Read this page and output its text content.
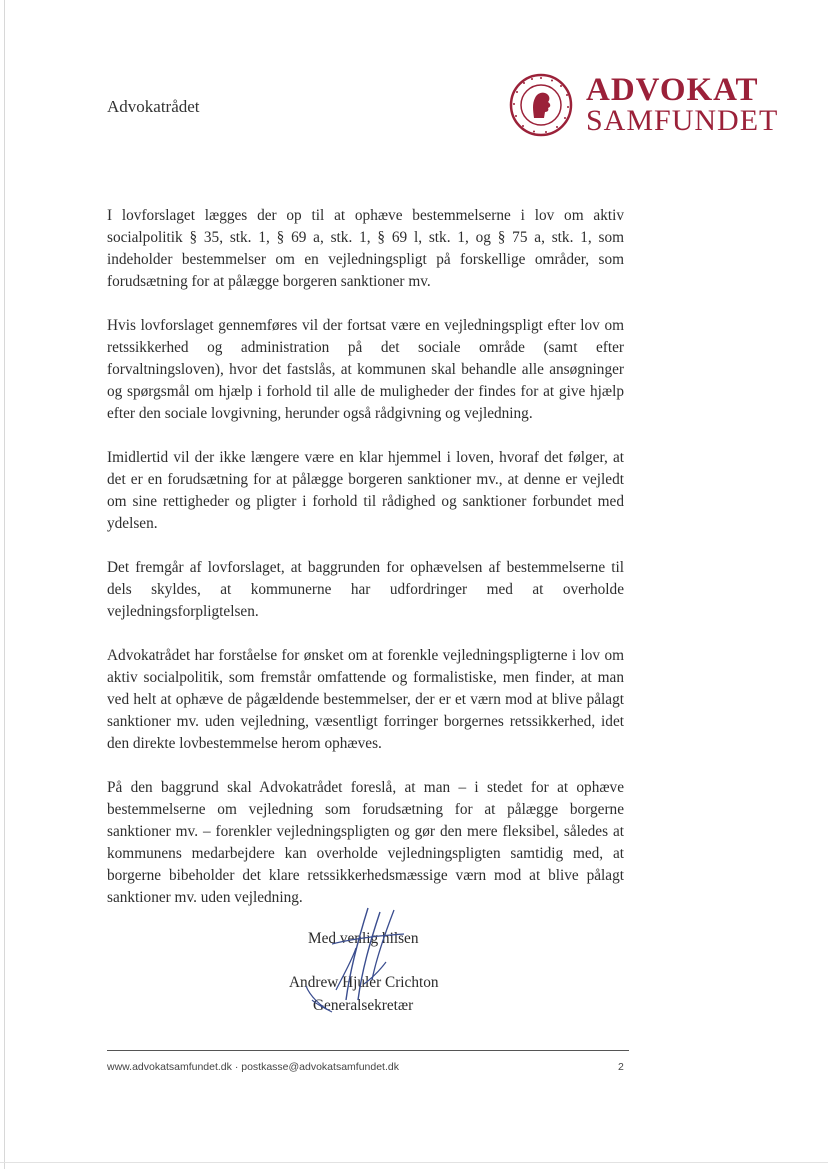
Advokatrådet	ADVOKAT
SAMFUNDET

I lovforslaget lægges der op til at ophæve bestemmelserne i lov om aktiv socialpolitik § 35, stk. 1, § 69 a, stk. 1, § 69 l, stk. 1, og § 75 a, stk. 1, som indeholder bestemmelser om en vejledningspligt på forskellige områder, som forudsætning for at pålægge borgeren sanktioner mv.

Hvis lovforslaget gennemføres vil der fortsat være en vejledningspligt efter lov om retssikkerhed og administration på det sociale område (samt efter forvaltningsloven), hvor det fastslås, at kommunen skal behandle alle ansøgninger og spørgsmål om hjælp i forhold til alle de muligheder der findes for at give hjælp efter den sociale lovgivning, herunder også rådgivning og vejledning.

Imidlertid vil der ikke længere være en klar hjemmel i loven, hvoraf det følger, at det er en forudsætning for at pålægge borgeren sanktioner mv., at denne er vejledt om sine rettigheder og pligter i forhold til rådighed og sanktioner forbundet med ydelsen.

Det fremgår af lovforslaget, at baggrunden for ophævelsen af bestemmelserne til dels skyldes, at kommunerne har udfordringer med at overholde vejledningsforpligtelsen.

Advokatrådet har forståelse for ønsket om at forenkle vejledningspligterne i lov om aktiv socialpolitik, som fremstår omfattende og formalistiske, men finder, at man ved helt at ophæve de pågældende bestemmelser, der er et værn mod at blive pålagt sanktioner mv. uden vejledning, væsentligt forringer borgernes retssikkerhed, idet den direkte lovbestemmelse herom ophæves.

På den baggrund skal Advokatrådet foreslå, at man – i stedet for at ophæve bestemmelserne om vejledning som forudsætning for at pålægge borgerne sanktioner mv. – forenkler vejledningspligten og gør den mere fleksibel, således at kommunens medarbejdere kan overholde vejledningspligten samtidig med, at borgerne bibeholder det klare retssikkerhedsmæssige værn mod at blive pålagt sanktioner mv. uden vejledning.

Med venlig hilsen
Andrew Hjuler Crichton
Generalsekretær
www.advokatsamfundet.dk · postkasse@advokatsamfundet.dk	2
